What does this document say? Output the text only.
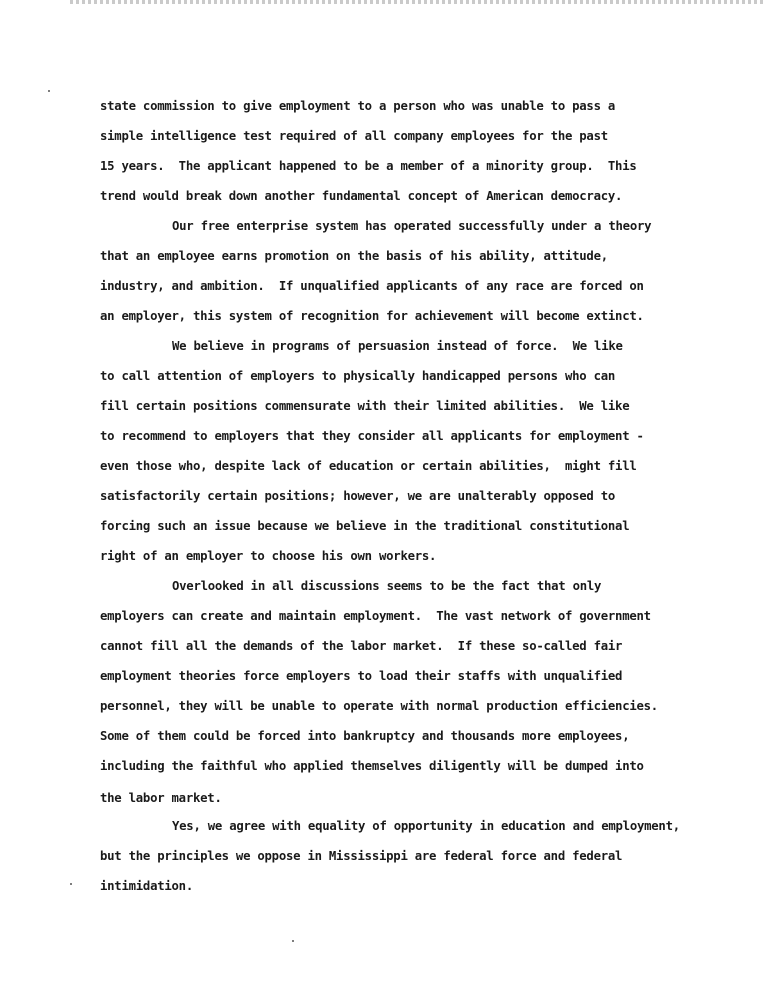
state commission to give employment to a person who was unable to pass a
simple intelligence test required of all company employees for the past
15 years.  The applicant happened to be a member of a minority group.  This
trend would break down another fundamental concept of American democracy.
Our free enterprise system has operated successfully under a theory
that an employee earns promotion on the basis of his ability, attitude,
industry, and ambition.  If unqualified applicants of any race are forced on
an employer, this system of recognition for achievement will become extinct.
We believe in programs of persuasion instead of force.  We like
to call attention of employers to physically handicapped persons who can
fill certain positions commensurate with their limited abilities.  We like
to recommend to employers that they consider all applicants for employment -
even those who, despite lack of education or certain abilities,  might fill
satisfactorily certain positions; however, we are unalterably opposed to
forcing such an issue because we believe in the traditional constitutional
right of an employer to choose his own workers.
Overlooked in all discussions seems to be the fact that only
employers can create and maintain employment.  The vast network of government
cannot fill all the demands of the labor market.  If these so-called fair
employment theories force employers to load their staffs with unqualified
personnel, they will be unable to operate with normal production efficiencies.
Some of them could be forced into bankruptcy and thousands more employees,
including the faithful who applied themselves diligently will be dumped into
the labor market.
Yes, we agree with equality of opportunity in education and employment,
but the principles we oppose in Mississippi are federal force and federal
intimidation.
